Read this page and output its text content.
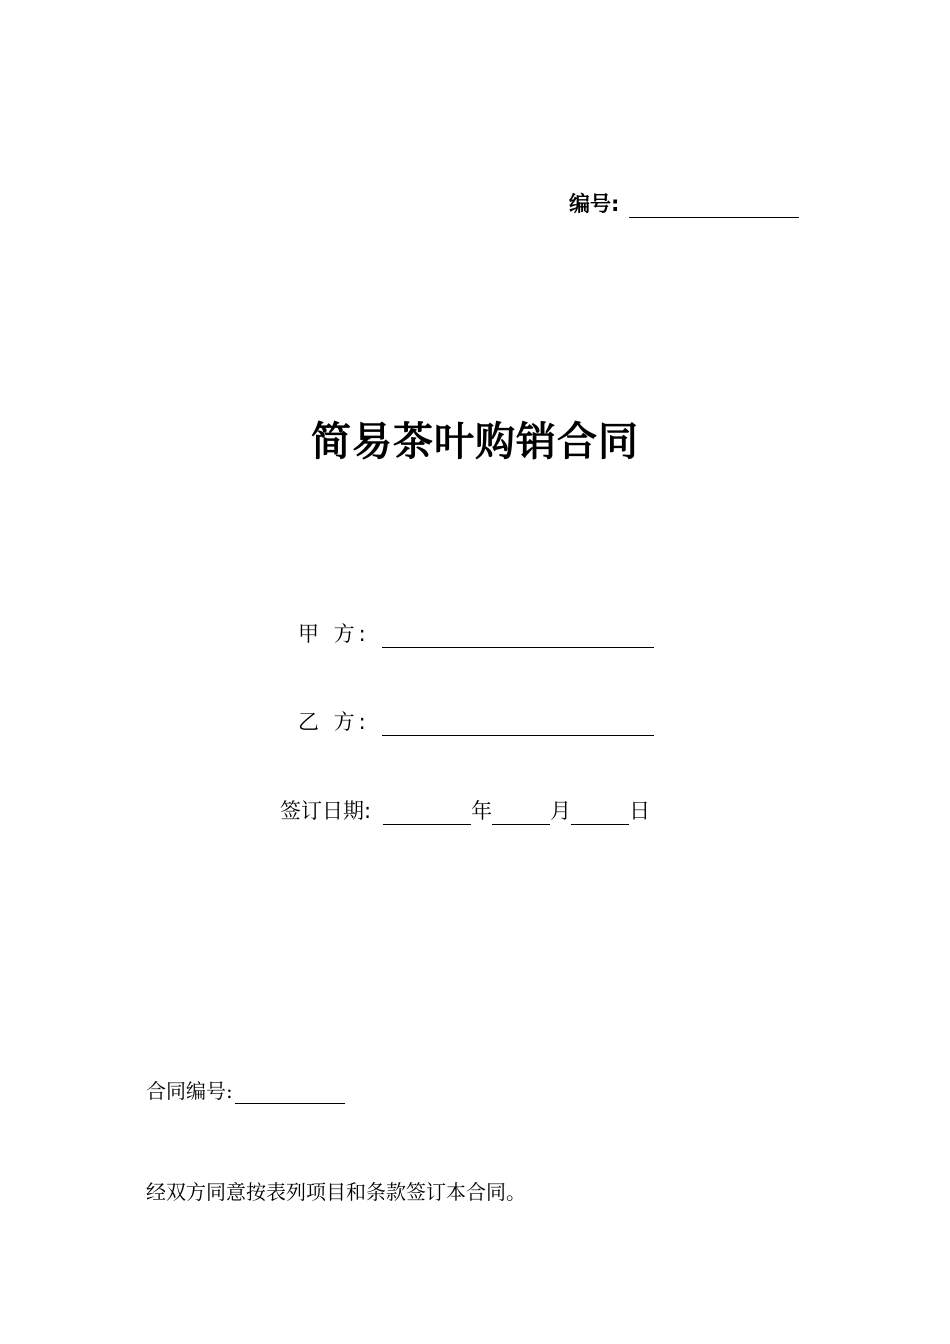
编号:
简易茶叶购销合同
甲 方:
乙 方:
签订日期:	年	月	日
合同编号:
经双方同意按表列项目和条款签订本合同。
